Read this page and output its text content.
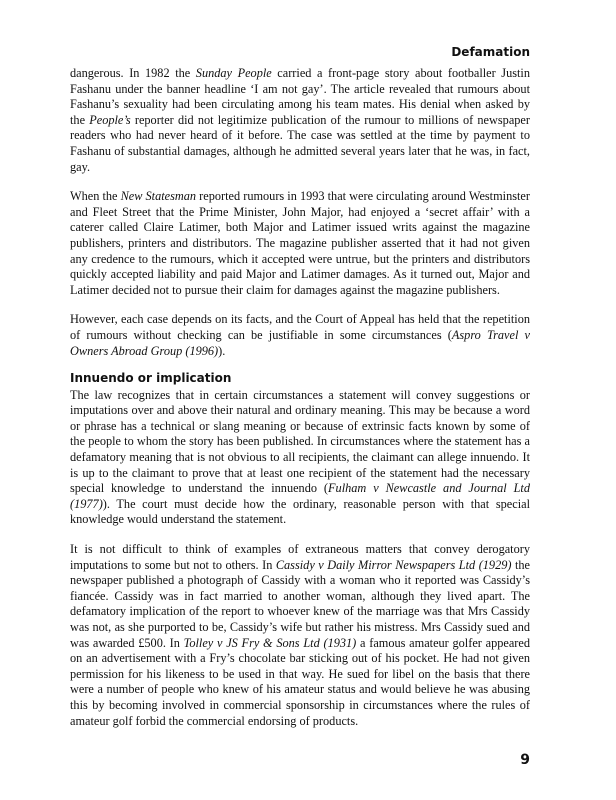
Defamation

dangerous. In 1982 the Sunday People carried a front-page story about footballer Justin Fashanu under the banner headline ‘I am not gay’. The article revealed that rumours about Fashanu’s sexuality had been circulating among his team mates. His denial when asked by the People’s reporter did not legitimize publication of the rumour to millions of newspaper readers who had never heard of it before. The case was settled at the time by payment to Fashanu of substantial damages, although he admitted several years later that he was, in fact, gay.

When the New Statesman reported rumours in 1993 that were circulating around Westminster and Fleet Street that the Prime Minister, John Major, had enjoyed a ‘secret affair’ with a caterer called Claire Latimer, both Major and Latimer issued writs against the magazine publishers, printers and distributors. The magazine publisher asserted that it had not given any credence to the rumours, which it accepted were untrue, but the printers and distributors quickly accepted liability and paid Major and Latimer damages. As it turned out, Major and Latimer decided not to pursue their claim for damages against the magazine publishers.

However, each case depends on its facts, and the Court of Appeal has held that the repetition of rumours without checking can be justifiable in some circumstances (Aspro Travel v Owners Abroad Group (1996)).

Innuendo or implication

The law recognizes that in certain circumstances a statement will convey suggestions or imputations over and above their natural and ordinary meaning. This may be because a word or phrase has a technical or slang meaning or because of extrinsic facts known by some of the people to whom the story has been published. In circumstances where the statement has a defamatory meaning that is not obvious to all recipients, the claimant can allege innuendo. It is up to the claimant to prove that at least one recipient of the statement had the necessary special knowledge to understand the innuendo (Fulham v Newcastle and Journal Ltd (1977)). The court must decide how the ordinary, reasonable person with that special knowledge would understand the statement.

It is not difficult to think of examples of extraneous matters that convey derogatory imputations to some but not to others. In Cassidy v Daily Mirror Newspapers Ltd (1929) the newspaper published a photograph of Cassidy with a woman who it reported was Cassidy’s fiancée. Cassidy was in fact married to another woman, although they lived apart. The defamatory implication of the report to whoever knew of the marriage was that Mrs Cassidy was not, as she purported to be, Cassidy’s wife but rather his mistress. Mrs Cassidy sued and was awarded £500. In Tolley v JS Fry & Sons Ltd (1931) a famous amateur golfer appeared on an advertisement with a Fry’s chocolate bar sticking out of his pocket. He had not given permission for his likeness to be used in that way. He sued for libel on the basis that there were a number of people who knew of his amateur status and would believe he was abusing this by becoming involved in commercial sponsorship in circumstances where the rules of amateur golf forbid the commercial endorsing of products.

9
